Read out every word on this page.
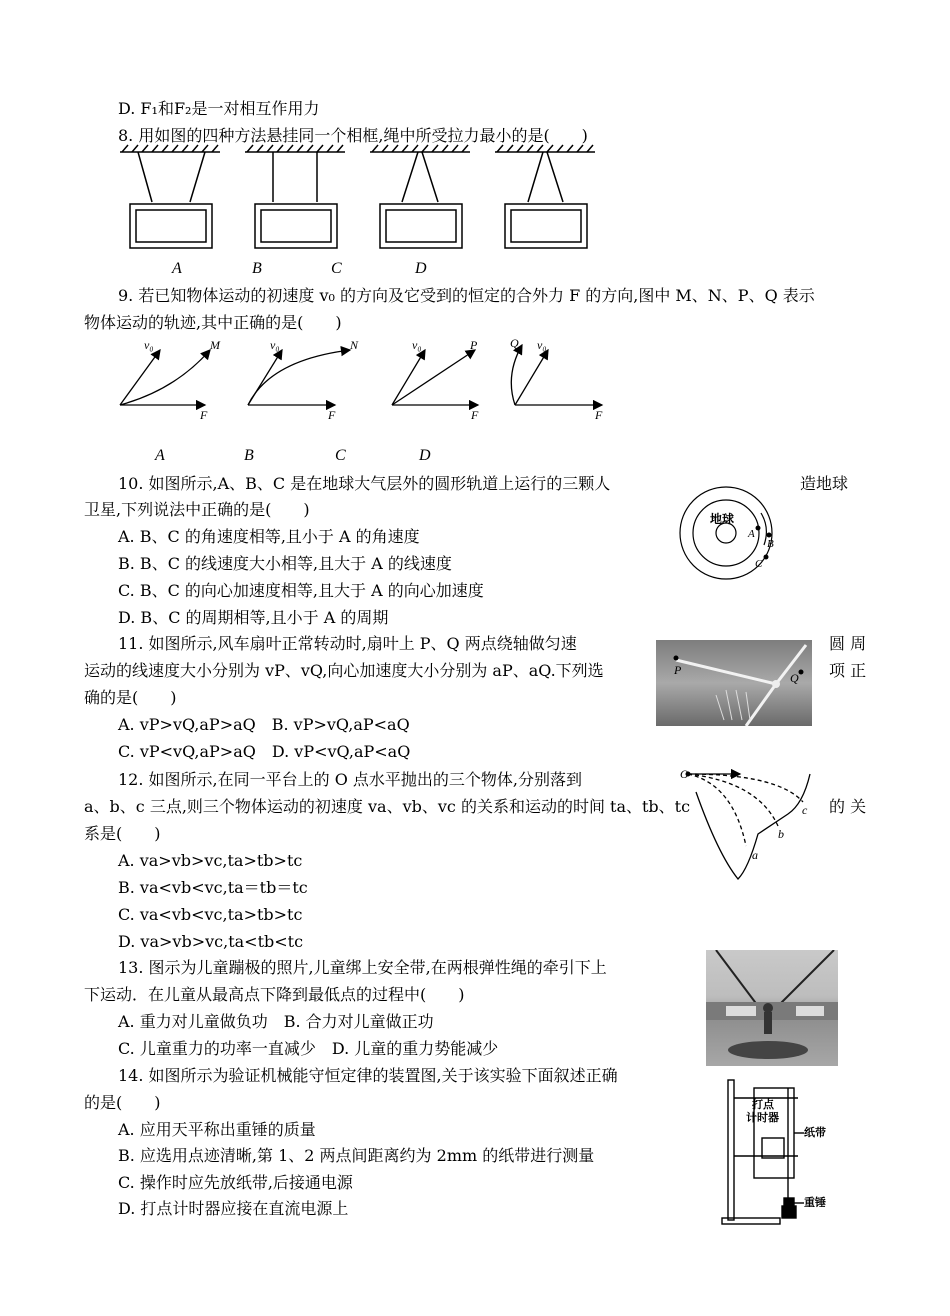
D. F₁和F₂是一对相互作用力
8. 用如图的四种方法悬挂同一个相框,绳中所受拉力最小的是(　　)
A	B	C	D
9. 若已知物体运动的初速度 v₀ 的方向及它受到的恒定的合外力 F 的方向,图中 M、N、P、Q 表示
物体运动的轨迹,其中正确的是(　　)
v₀	M
F
v₀	N
F
v₀	P
F
Q v₀
F
A	B	C	D
10. 如图所示,A、B、C 是在地球大气层外的圆形轨道上运行的三颗人	造地球
卫星,下列说法中正确的是(　　)
A. B、C 的角速度相等,且小于 A 的角速度
B. B、C 的线速度大小相等,且大于 A 的线速度
C. B、C 的向心加速度相等,且大于 A 的向心加速度
D. B、C 的周期相等,且小于 A 的周期
地球
A
B
C
11. 如图所示,风车扇叶正常转动时,扇叶上 P、Q 两点绕轴做匀速	圆 周
运动的线速度大小分别为 vP、vQ,向心加速度大小分别为 aP、aQ.下列选	项 正
确的是(　　)
A. vP>vQ,aP>aQ　B. vP>vQ,aP<aQ
C. vP<vQ,aP>aQ　D. vP<vQ,aP<aQ
P
Q
12. 如图所示,在同一平台上的 O 点水平抛出的三个物体,分别落到
a、b、c 三点,则三个物体运动的初速度 va、vb、vc 的关系和运动的时间 ta、tb、tc	的 关
系是(　　)
A. va>vb>vc,ta>tb>tc
B. va<vb<vc,ta＝tb＝tc
C. va<vb<vc,ta>tb>tc
D. va>vb>vc,ta<tb<tc
O
a
b
c
13. 图示为儿童蹦极的照片,儿童绑上安全带,在两根弹性绳的牵引下上
下运动．在儿童从最高点下降到最低点的过程中(　　)
A. 重力对儿童做负功　B. 合力对儿童做正功
C. 儿童重力的功率一直减少　D. 儿童的重力势能减少
14. 如图所示为验证机械能守恒定律的装置图,关于该实验下面叙述正确
的是(　　)
A. 应用天平称出重锤的质量
B. 应选用点迹清晰,第 1、2 两点间距离约为 2mm 的纸带进行测量
C. 操作时应先放纸带,后接通电源
D. 打点计时器应接在直流电源上
打点
计时器
纸带
重锤
